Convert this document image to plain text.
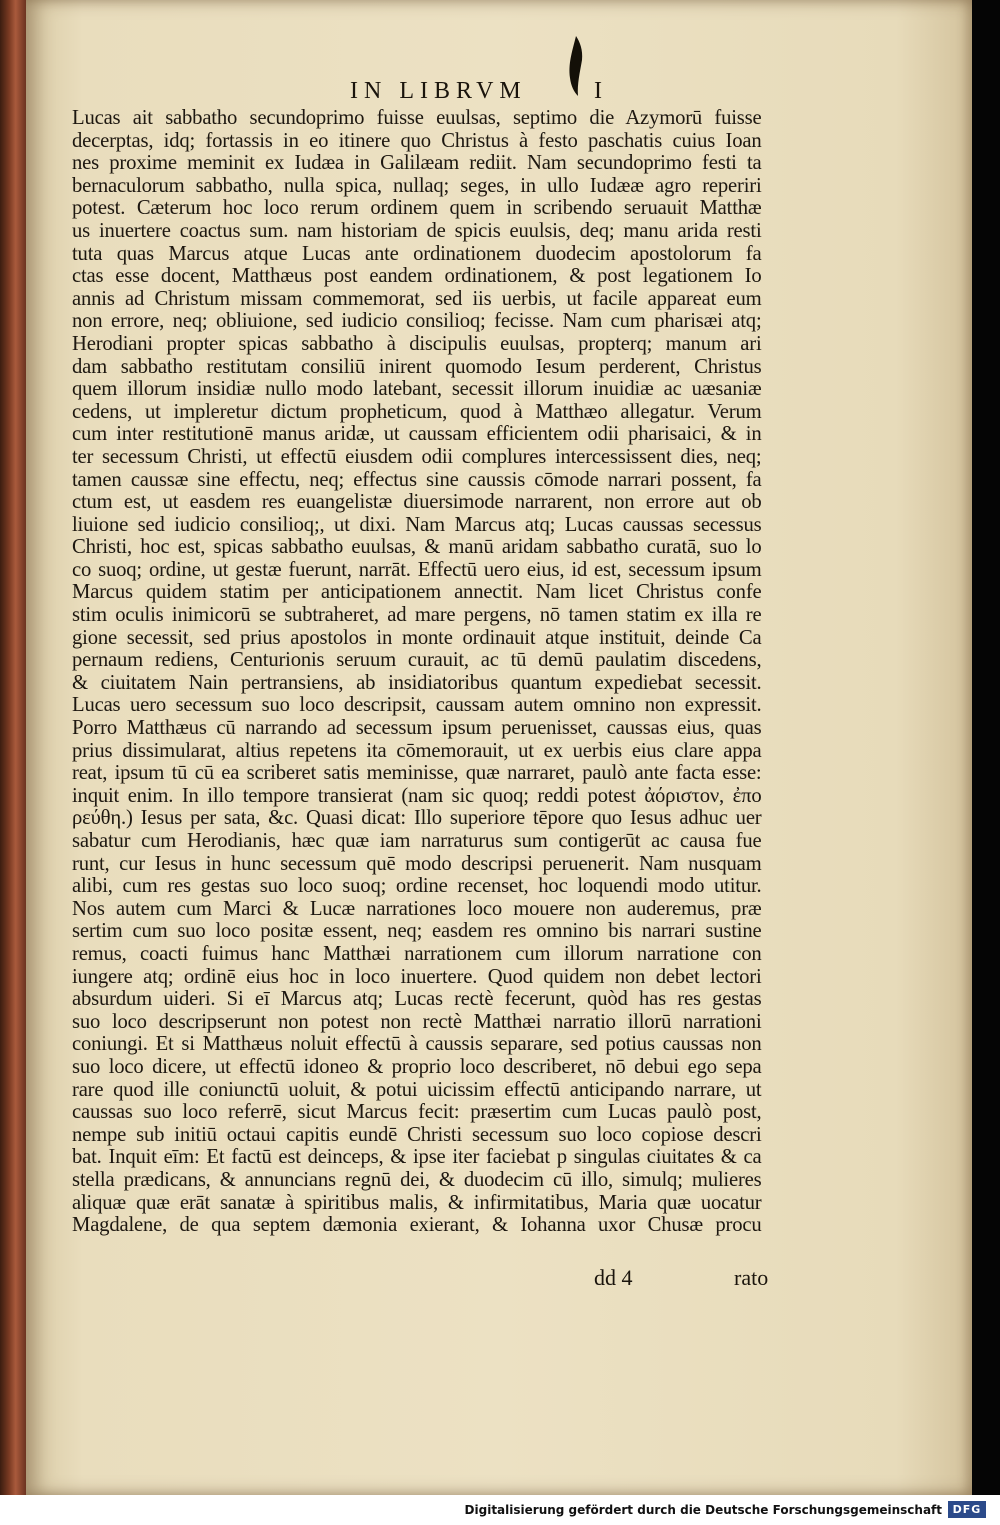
IN LIBRVM	I
Lucas ait sabbatho secundoprimo fuisse euulsas, septimo die Azymorū fuisse
decerptas, idq; fortassis in eo itinere quo Christus à festo paschatis cuius Ioan
nes proxime meminit ex Iudæa in Galilæam rediit. Nam secundoprimo festi ta
bernaculorum sabbatho, nulla spica, nullaq; seges, in ullo Iudææ agro reperiri
potest. Cæterum hoc loco rerum ordinem quem in scribendo seruauit Matthæ
us inuertere coactus sum. nam historiam de spicis euulsis, deq; manu arida resti
tuta quas Marcus atque Lucas ante ordinationem duodecim apostolorum fa
ctas esse docent, Matthæus post eandem ordinationem, & post legationem Io
annis ad Christum missam commemorat, sed iis uerbis, ut facile appareat eum
non errore, neq; obliuione, sed iudicio consilioq; fecisse. Nam cum pharisæi atq;
Herodiani propter spicas sabbatho à discipulis euulsas, propterq; manum ari
dam sabbatho restitutam consiliū inirent quomodo Iesum perderent, Christus
quem illorum insidiæ nullo modo latebant, secessit illorum inuidiæ ac uæsaniæ
cedens, ut impleretur dictum propheticum, quod à Matthæo allegatur. Verum
cum inter restitutionē manus aridæ, ut caussam efficientem odii pharisaici, & in
ter secessum Christi, ut effectū eiusdem odii complures intercessissent dies, neq;
tamen caussæ sine effectu, neq; effectus sine caussis cōmode narrari possent, fa
ctum est, ut easdem res euangelistæ diuersimode narrarent, non errore aut ob
liuione sed iudicio consilioq;, ut dixi. Nam Marcus atq; Lucas caussas secessus
Christi, hoc est, spicas sabbatho euulsas, & manū aridam sabbatho curatā, suo lo
co suoq; ordine, ut gestæ fuerunt, narrāt. Effectū uero eius, id est, secessum ipsum
Marcus quidem statim per anticipationem annectit. Nam licet Christus confe
stim oculis inimicorū se subtraheret, ad mare pergens, nō tamen statim ex illa re
gione secessit, sed prius apostolos in monte ordinauit atque instituit, deinde Ca
pernaum rediens, Centurionis seruum curauit, ac tū demū paulatim discedens,
& ciuitatem Nain pertransiens, ab insidiatoribus quantum expediebat secessit.
Lucas uero secessum suo loco descripsit, caussam autem omnino non expressit.
Porro Matthæus cū narrando ad secessum ipsum peruenisset, caussas eius, quas
prius dissimularat, altius repetens ita cōmemorauit, ut ex uerbis eius clare appa
reat, ipsum tū cū ea scriberet satis meminisse, quæ narraret, paulò ante facta esse:
inquit enim. In illo tempore transierat (nam sic quoq; reddi potest ἀόριστον, ἐπο
ρεύθη.) Iesus per sata, &c. Quasi dicat: Illo superiore tēpore quo Iesus adhuc uer
sabatur cum Herodianis, hæc quæ iam narraturus sum contigerūt ac causa fue
runt, cur Iesus in hunc secessum quē modo descripsi peruenerit. Nam nusquam
alibi, cum res gestas suo loco suoq; ordine recenset, hoc loquendi modo utitur.
Nos autem cum Marci & Lucæ narrationes loco mouere non auderemus, præ
sertim cum suo loco positæ essent, neq; easdem res omnino bis narrari sustine
remus, coacti fuimus hanc Matthæi narrationem cum illorum narratione con
iungere atq; ordinē eius hoc in loco inuertere. Quod quidem non debet lectori
absurdum uideri. Si eī Marcus atq; Lucas rectè fecerunt, quòd has res gestas
suo loco descripserunt non potest non rectè Matthæi narratio illorū narrationi
coniungi. Et si Matthæus noluit effectū à caussis separare, sed potius caussas non
suo loco dicere, ut effectū idoneo & proprio loco describeret, nō debui ego sepa
rare quod ille coniunctū uoluit, & potui uicissim effectū anticipando narrare, ut
caussas suo loco referrē, sicut Marcus fecit: præsertim cum Lucas paulò post,
nempe sub initiū octaui capitis eundē Christi secessum suo loco copiose descri
bat. Inquit eīm: Et factū est deinceps, & ipse iter faciebat p singulas ciuitates & ca
stella prædicans, & annuncians regnū dei, & duodecim cū illo, simulq; mulieres
aliquæ quæ erāt sanatæ à spiritibus malis, & infirmitatibus, Maria quæ uocatur
Magdalene, de qua septem dæmonia exierant, & Iohanna uxor Chusæ procu
dd 4	rato
Digitalisierung gefördert durch die Deutsche Forschungsgemeinschaft DFG
